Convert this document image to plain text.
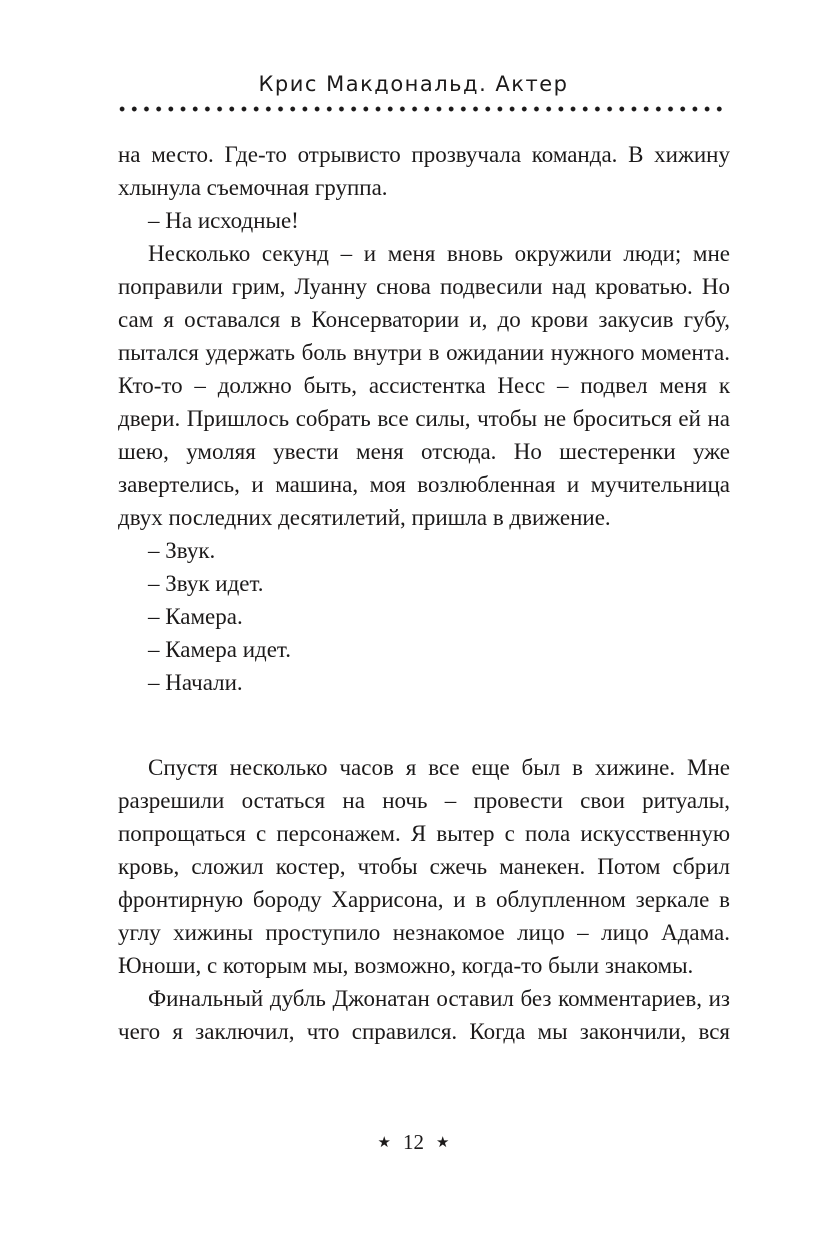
Крис Макдональд. Актер

на место. Где-то отрывисто прозвучала команда. В хижину хлынула съемочная группа.

– На исходные!

Несколько секунд – и меня вновь окружили люди; мне поправили грим, Луанну снова подвесили над кроватью. Но сам я оставался в Консерватории и, до крови закусив губу, пытался удержать боль внутри в ожидании нужного момента. Кто-то – должно быть, ассистентка Несс – подвел меня к двери. Пришлось собрать все силы, чтобы не броситься ей на шею, умоляя увести меня отсюда. Но шестеренки уже завертелись, и машина, моя возлюбленная и мучительница двух последних десятилетий, пришла в движение.

– Звук.

– Звук идет.

– Камера.

– Камера идет.

– Начали.

Спустя несколько часов я все еще был в хижине. Мне разрешили остаться на ночь – провести свои ритуалы, попрощаться с персонажем. Я вытер с пола искусственную кровь, сложил костер, чтобы сжечь манекен. Потом сбрил фронтирную бороду Харрисона, и в облупленном зеркале в углу хижины проступило незнакомое лицо – лицо Адама. Юноши, с которым мы, возможно, когда-то были знакомы.

Финальный дубль Джонатан оставил без комментариев, из чего я заключил, что справился. Когда мы закончили, вся

★ 12 ★
